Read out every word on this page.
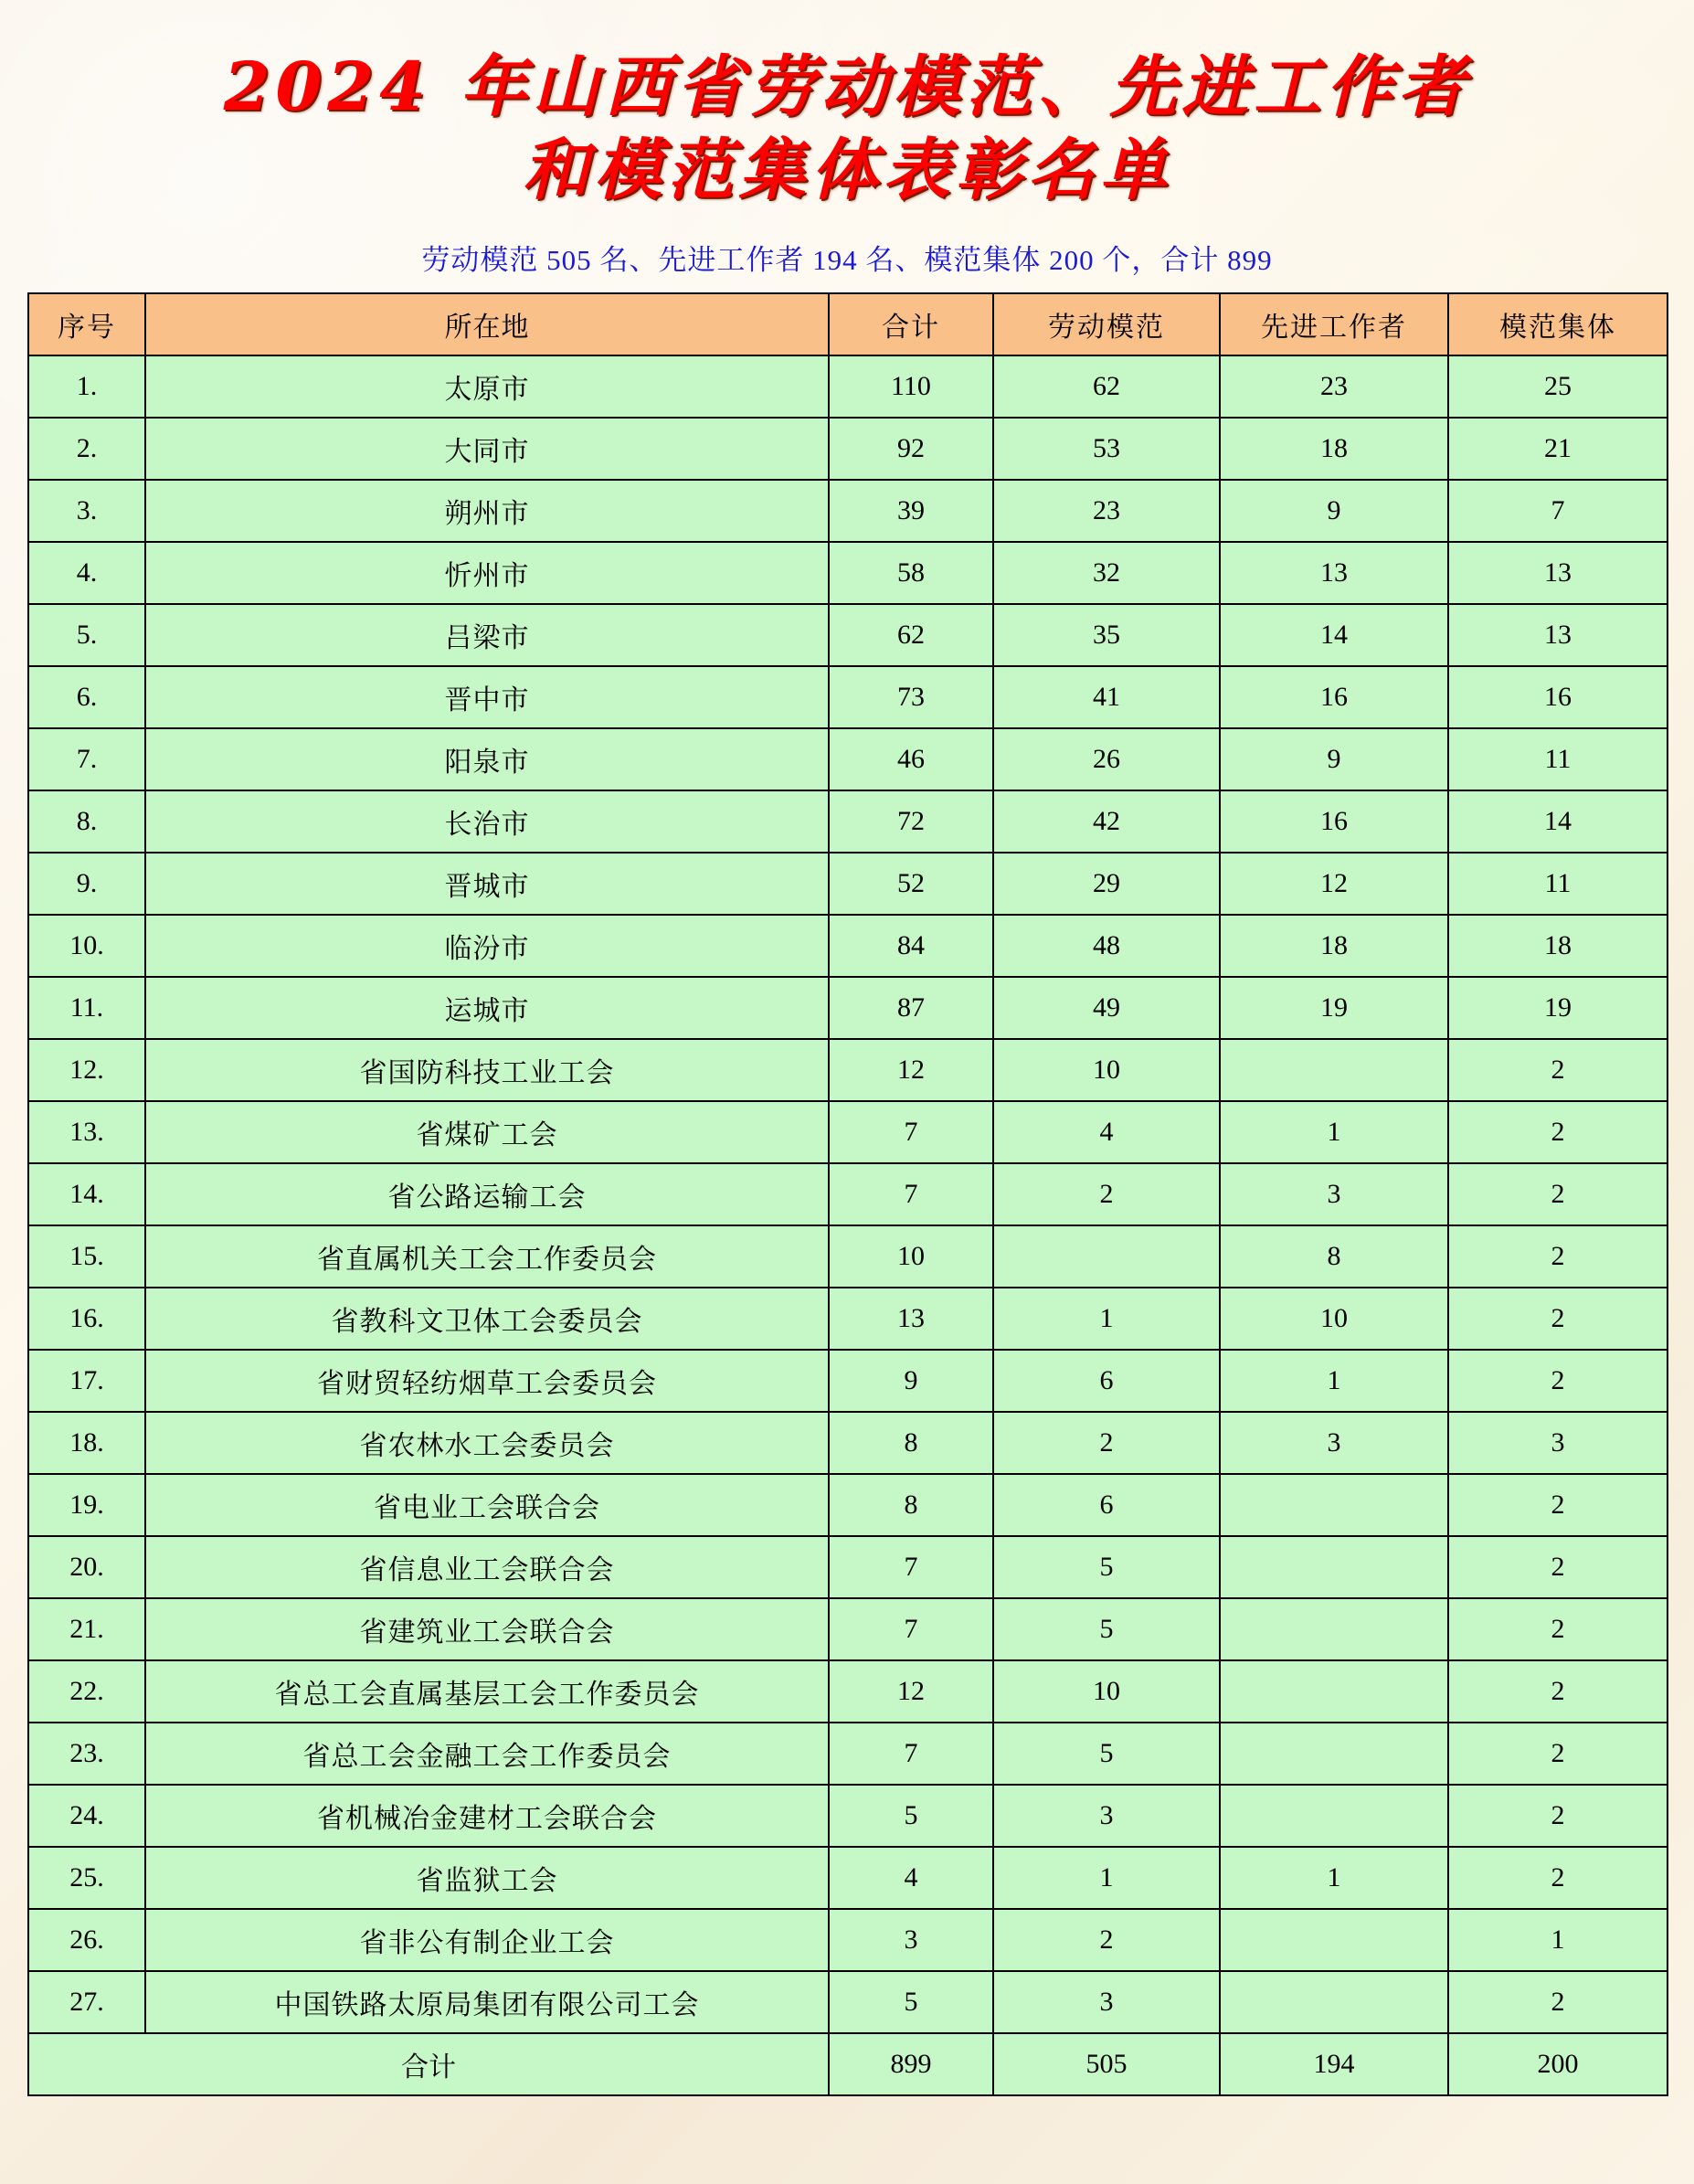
2024 年山西省劳动模范、先进工作者
和模范集体表彰名单
劳动模范 505 名、先进工作者 194 名、模范集体 200 个，合计 899
序号	所在地	合计	劳动模范	先进工作者	模范集体
1.	太原市	110	62	23	25
2.	大同市	92	53	18	21
3.	朔州市	39	23	9	7
4.	忻州市	58	32	13	13
5.	吕梁市	62	35	14	13
6.	晋中市	73	41	16	16
7.	阳泉市	46	26	9	11
8.	长治市	72	42	16	14
9.	晋城市	52	29	12	11
10.	临汾市	84	48	18	18
11.	运城市	87	49	19	19
12.	省国防科技工业工会	12	10		2
13.	省煤矿工会	7	4	1	2
14.	省公路运输工会	7	2	3	2
15.	省直属机关工会工作委员会	10		8	2
16.	省教科文卫体工会委员会	13	1	10	2
17.	省财贸轻纺烟草工会委员会	9	6	1	2
18.	省农林水工会委员会	8	2	3	3
19.	省电业工会联合会	8	6		2
20.	省信息业工会联合会	7	5		2
21.	省建筑业工会联合会	7	5		2
22.	省总工会直属基层工会工作委员会	12	10		2
23.	省总工会金融工会工作委员会	7	5		2
24.	省机械冶金建材工会联合会	5	3		2
25.	省监狱工会	4	1	1	2
26.	省非公有制企业工会	3	2		1
27.	中国铁路太原局集团有限公司工会	5	3		2
合计		899	505	194	200
